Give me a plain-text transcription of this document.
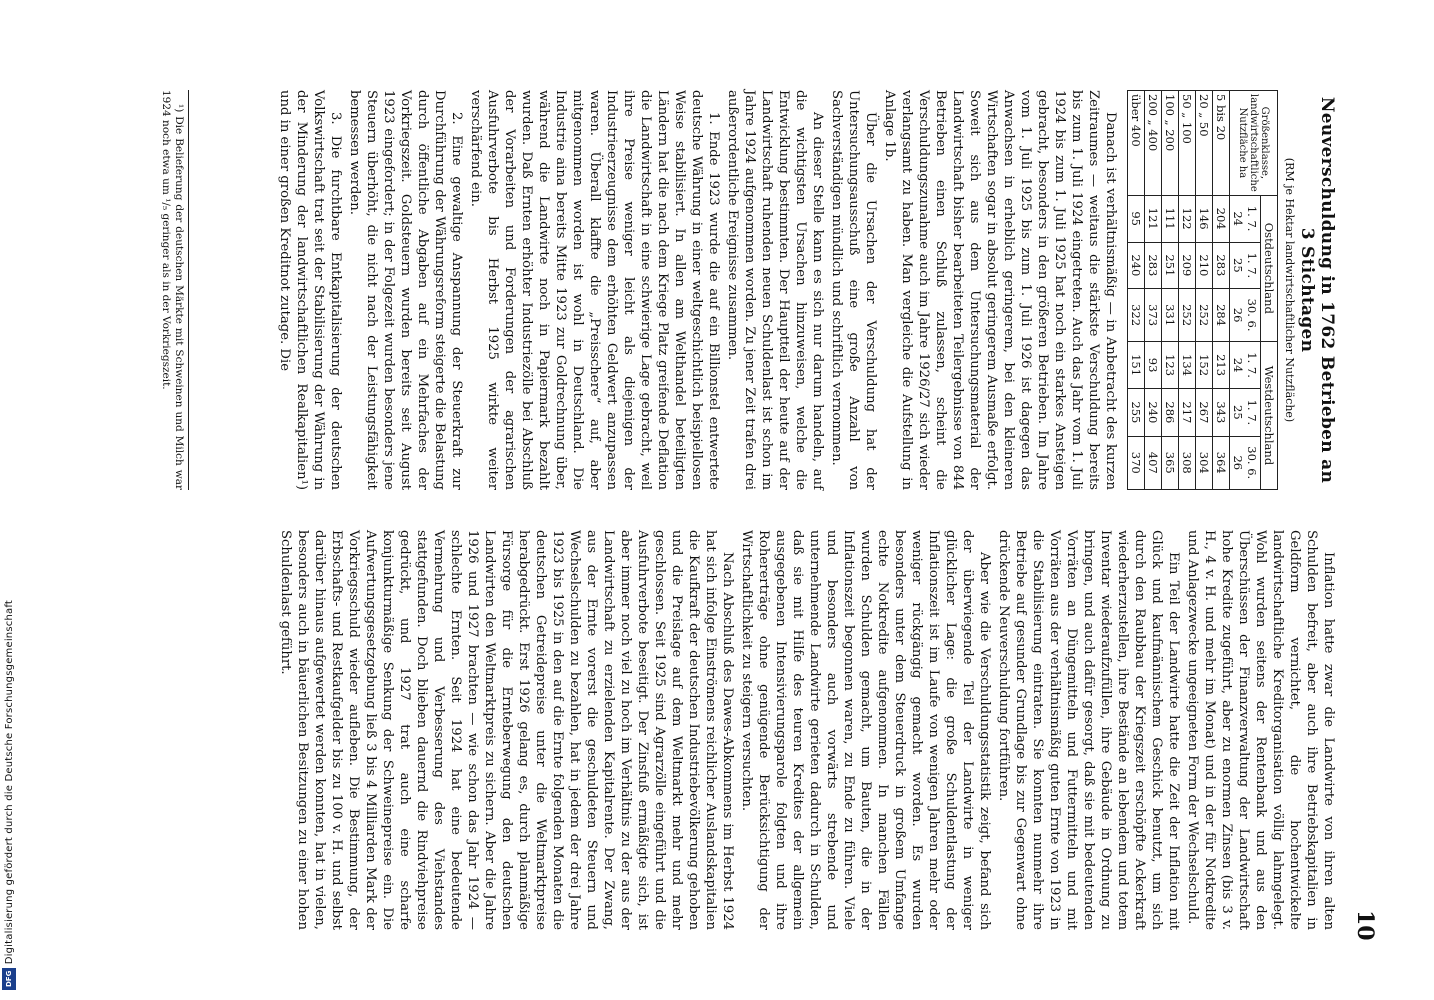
10
Neuverschuldung in 1762 Betrieben an 3 Stichtagen
(RM je Hektar landwirtschaftlicher Nutzfläche)
Größenklasse, landwirtschaftliche Nutzfläche ha	Ostdeutschland			Westdeutschland		
	1. 7. 24	1. 7. 25	30. 6. 26	1. 7. 24	1. 7. 25	30. 6. 26
5 bis 20	204	283	284	213	343	364
20 „ 50	146	210	252	152	267	304
50 „ 100	122	209	252	134	217	308
100 „ 200	111	251	331	123	286	365
200 „ 400	121	283	373	93	240	407
über 400	95	240	322	151	255	370

Danach ist verhältnismäßig — in Anbetracht des kurzen Zeitraumes — weitaus die stärkste Verschuldung bereits bis zum 1. Juli 1924 eingetreten. Auch das Jahr vom 1. Juli 1924 bis zum 1. Juli 1925 hat noch ein starkes Ansteigen gebracht, besonders in den größeren Betrieben. Im Jahre vom 1. Juli 1925 bis zum 1. Juli 1926 ist dagegen das Anwachsen in erheblich geringerem, bei den kleineren Wirtschaften sogar in absolut geringerem Ausmaße erfolgt. Soweit sich aus dem Untersuchungsmaterial der Landwirtschaft bisher bearbeiteten Teilergebnisse von 844 Betrieben einen Schluß zulassen, scheint die Verschuldungszunahme auch im Jahre 1926/27 sich wieder verlangsamt zu haben. Man vergleiche die Aufstellung in Anlage 1b.

Über die Ursachen der Verschuldung hat der Untersuchungsausschuß eine große Anzahl von Sachverständigen mündlich und schriftlich vernommen.

An dieser Stelle kann es sich nur darum handeln, auf die wichtigsten Ursachen hinzuweisen, welche die Entwicklung bestimmten. Der Hauptteil der heute auf der Landwirtschaft ruhenden neuen Schuldenlast ist schon im Jahre 1924 aufgenommen worden. Zu jener Zeit trafen drei außerordentliche Ereignisse zusammen.

1. Ende 1923 wurde die auf ein Billionstel entwertete deutsche Währung in einer weltgeschichtlich beispiellosen Weise stabilisiert. In allen am Welthandel beteiligten Ländern hat die nach dem Kriege Platz greifende Deflation die Landwirtschaft in eine schwierige Lage gebracht, weil ihre Preise weniger leicht als diejenigen der Industrieerzeugnisse dem erhöhten Geldwert anzupassen waren. Überall klaffte die „Preisschere“ auf, aber mitgenommen worden ist wohl in Deutschland. Die Industrie aina bereits Mitte 1923 zur Goldrechnung über, während die Landwirte noch in Papiermark bezahlt wurden. Daß Ernten erhöhter Industriezölle bei Abschluß der Vorarbeiten und Forderungen der agrarischen Ausfuhrverbote bis Herbst 1925 wirkte weiter verschärfend ein.

2. Eine gewaltige Anspannung der Steuerkraft zur Durchführung der Währungsreform steigerte die Belastung durch öffentliche Abgaben auf ein Mehrfaches der Vorkriegszeit. Goldsteuern wurden bereits seit August 1923 eingefordert; in der Folgezeit wurden besonders jene Steuern überhöht, die nicht nach der Leistungsfähigkeit bemessen werden.

3. Die furchtbare Entkapitalisierung der deutschen Volkswirtschaft trat seit der Stabilisierung der Währung in der Minderung der landwirtschaftlichen Realkapitalien¹) und in einer großen Kreditnot zutage. Die

¹) Die Belieferung der deutschen Märkte mit Schweinen und Milch war 1924 noch etwa um ¹/₅ geringer als in der Vorkriegszeit.

Inflation hatte zwar die Landwirte von ihren alten Schulden befreit, aber auch ihre Betriebskapitalien in Geldform vernichtet, die hochentwickelte landwirtschaftliche Kreditorganisation völlig lahmgelegt. Wohl wurden seitens der Rentenbank und aus den Überschüssen der Finanzverwaltung der Landwirtschaft hohe Kredite zugeführt, aber zu enormen Zinsen (bis 3 v. H., 4 v. H. und mehr im Monat) und in der für Notkredite und Anlagezwecke ungeeigneten Form der Wechselschuld.

Ein Teil der Landwirte hatte die Zeit der Inflation mit Glück und kaufmännischem Geschick benutzt, um sich durch den Raubbau der Kriegszeit erschöpfte Ackerkraft wiederherzustellen, ihre Bestände an lebendem und totem Inventar wiederaufzufüllen, ihre Gebäude in Ordnung zu bringen, und auch dafür gesorgt, daß sie mit bedeutenden Vorräten an Düngemitteln und Futtermitteln und mit Vorräten aus der verhältnismäßig guten Ernte von 1923 in die Stabilisierung eintraten. Sie konnten nunmehr ihre Betriebe auf gesunder Grundlage bis zur Gegenwart ohne drückende Neuverschuldung fortführen.

Aber wie die Verschuldungsstatistik zeigt, befand sich der überwiegende Teil der Landwirte in weniger glücklicher Lage: die große Schuldentlastung der Inflationszeit ist im Laufe von wenigen Jahren mehr oder weniger rückgängig gemacht worden. Es wurden besonders unter dem Steuerdruck in großem Umfange echte Notkredite aufgenommen. In manchen Fällen wurden Schulden gemacht, um Bauten, die in der Inflationszeit begonnen waren, zu Ende zu führen. Viele und besonders auch vorwärts strebende und unternehmende Landwirte gerieten dadurch in Schulden, daß sie mit Hilfe des teuren Kredites der allgemein ausgegebenen Intensivierungsparole folgten und ihre Rohererträge ohne genügende Berücksichtigung der Wirtschaftlichkeit zu steigern versuchten.

Nach Abschluß des Dawes-Abkommens im Herbst 1924 hat sich infolge Einströmens reichlicher Auslandskapitalien die Kaufkraft der deutschen Industriebevölkerung gehoben und die Preislage auf dem Weltmarkt mehr und mehr geschlossen. Seit 1925 sind Agrarzölle eingeführt und die Ausfuhrverbote beseitigt. Der Zinsfuß ermäßigte sich, ist aber immer noch viel zu hoch im Verhältnis zu der aus der Landwirtschaft zu erzielenden Kapitalrente. Der Zwang, aus der Ernte vorerst die geschuldeten Steuern und Wechselschulden zu bezahlen, hat in jedem der drei Jahre 1923 bis 1925 in den auf die Ernte folgenden Monaten die deutschen Getreidepreise unter die Weltmarktpreise herabgedrückt. Erst 1926 gelang es, durch planmäßige Fürsorge für die Ernteberwegung den deutschen Landwirten den Weltmarktpreis zu sichern. Aber die Jahre 1926 und 1927 brachten — wie schon das Jahr 1924 — schlechte Ernten. Seit 1924 hat eine bedeutende Vermehrung und Verbesserung des Viehstandes stattgefunden. Doch blieben dauernd die Rindviehpreise gedrückt, und 1927 trat auch eine scharfe konjunkturmäßige Senkung der Schweinepreise ein. Die Aufwertungsgesetzgebung ließ 3 bis 4 Milliarden Mark der Vorkriegsschuld wieder aufleben. Die Bestimmung, der Erbschafts- und Restkaufgelder bis zu 100 v. H. und selbst darüber hinaus aufgewertet werden konnten, hat in vielen, besonders auch in bäuerlichen Besitzungen zu einer hohen Schuldenlast geführt.

Digitalisierung gefördert durch die Deutsche Forschungsgemeinschaft
DFG
